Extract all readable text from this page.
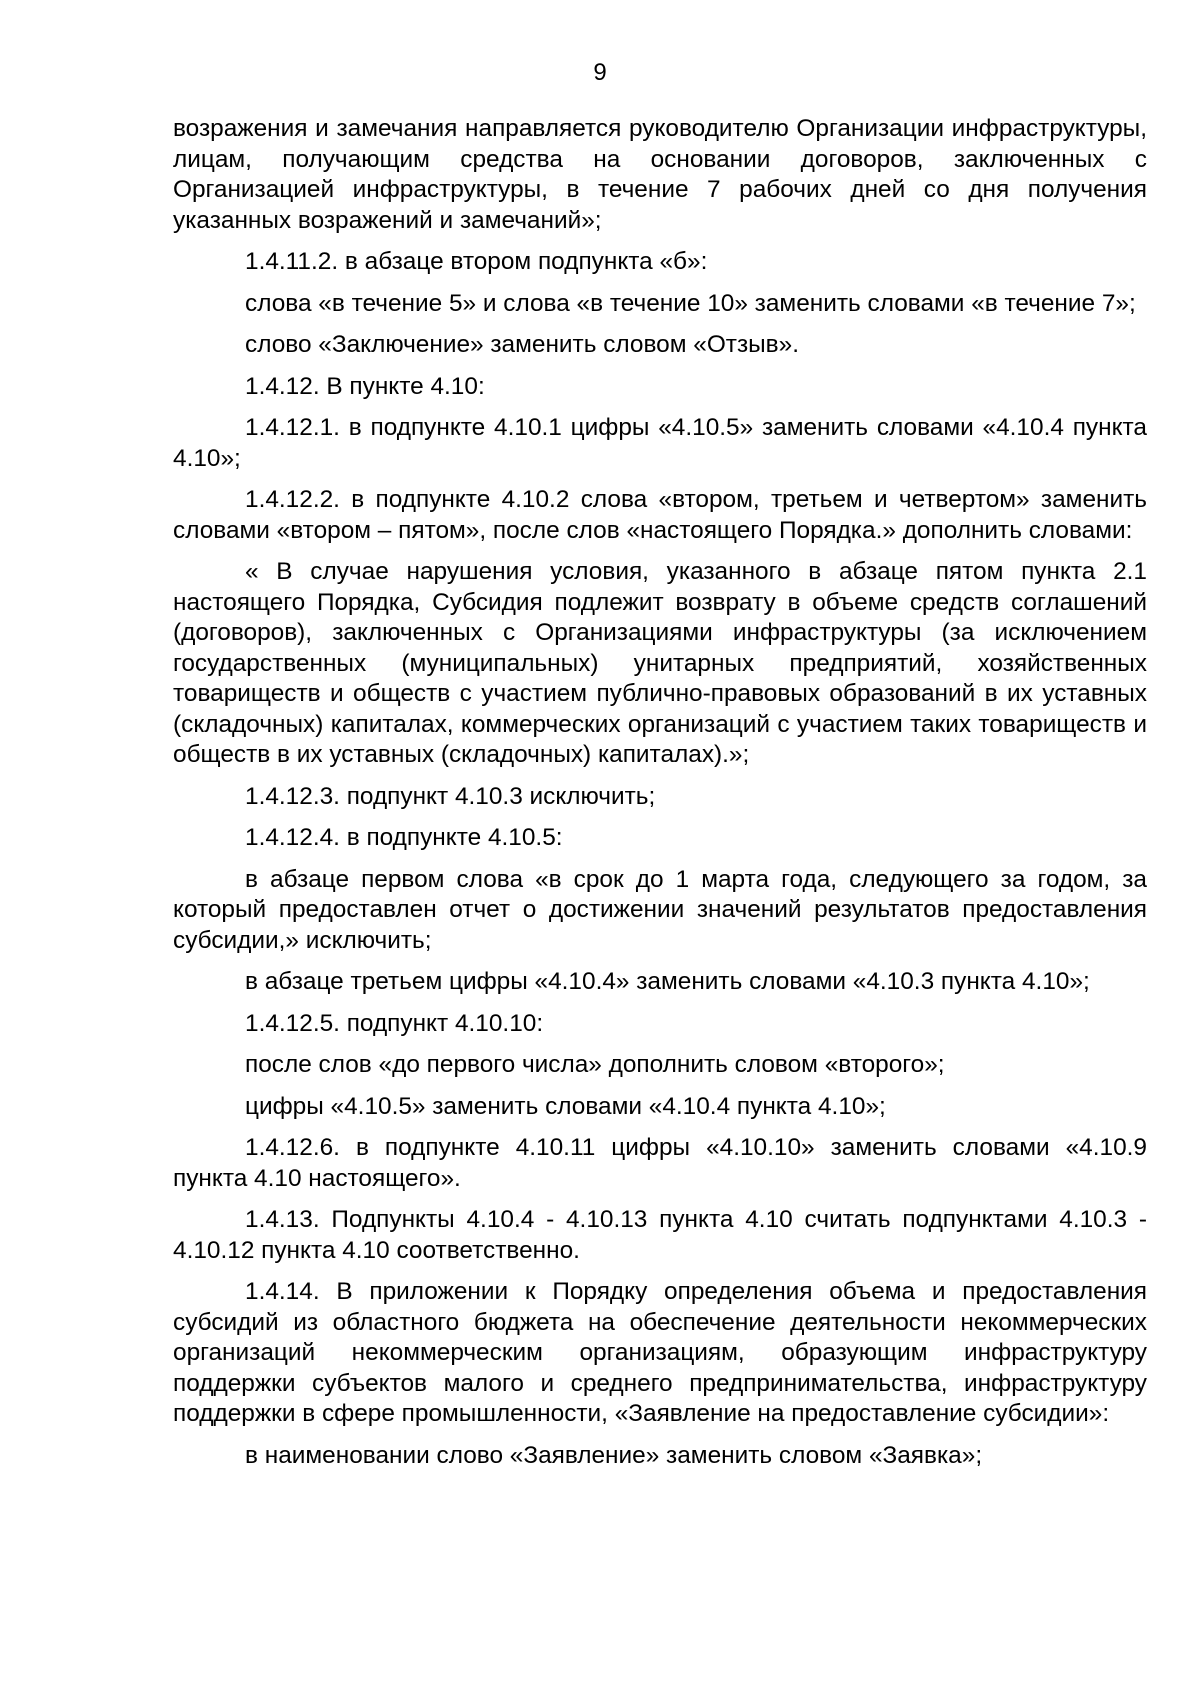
9

возражения и замечания направляется руководителю Организации инфраструктуры, лицам, получающим средства на основании договоров, заключенных с Организацией инфраструктуры, в течение 7 рабочих дней со дня получения указанных возражений и замечаний»;

1.4.11.2. в абзаце втором подпункта «б»:

слова «в течение 5» и слова «в течение 10» заменить словами «в течение 7»;

слово «Заключение» заменить словом «Отзыв».

1.4.12. В пункте 4.10:

1.4.12.1. в подпункте 4.10.1 цифры «4.10.5» заменить словами «4.10.4 пункта 4.10»;

1.4.12.2. в подпункте 4.10.2 слова «втором, третьем и четвертом» заменить словами «втором – пятом», после слов «настоящего Порядка.» дополнить словами:

« В случае нарушения условия, указанного в абзаце пятом пункта 2.1 настоящего Порядка, Субсидия подлежит возврату в объеме средств соглашений (договоров), заключенных с Организациями инфраструктуры (за исключением государственных (муниципальных) унитарных предприятий, хозяйственных товариществ и обществ с участием публично-правовых образований в их уставных (складочных) капиталах, коммерческих организаций с участием таких товариществ и обществ в их уставных (складочных) капиталах).»;

1.4.12.3. подпункт 4.10.3 исключить;

1.4.12.4. в подпункте 4.10.5:

в абзаце первом слова «в срок до 1 марта года, следующего за годом, за который предоставлен отчет о достижении значений результатов предоставления субсидии,» исключить;

в абзаце третьем цифры «4.10.4» заменить словами «4.10.3 пункта 4.10»;

1.4.12.5. подпункт 4.10.10:

после слов «до первого числа» дополнить словом «второго»;

цифры «4.10.5» заменить словами «4.10.4 пункта 4.10»;

1.4.12.6. в подпункте 4.10.11 цифры «4.10.10» заменить словами «4.10.9 пункта 4.10 настоящего».

1.4.13. Подпункты 4.10.4 - 4.10.13 пункта 4.10 считать подпунктами 4.10.3 - 4.10.12 пункта 4.10 соответственно.

1.4.14. В приложении к Порядку определения объема и предоставления субсидий из областного бюджета на обеспечение деятельности некоммерческих организаций некоммерческим организациям, образующим инфраструктуру поддержки субъектов малого и среднего предпринимательства, инфраструктуру поддержки в сфере промышленности, «Заявление на предоставление субсидии»:

в наименовании слово «Заявление» заменить словом «Заявка»;
